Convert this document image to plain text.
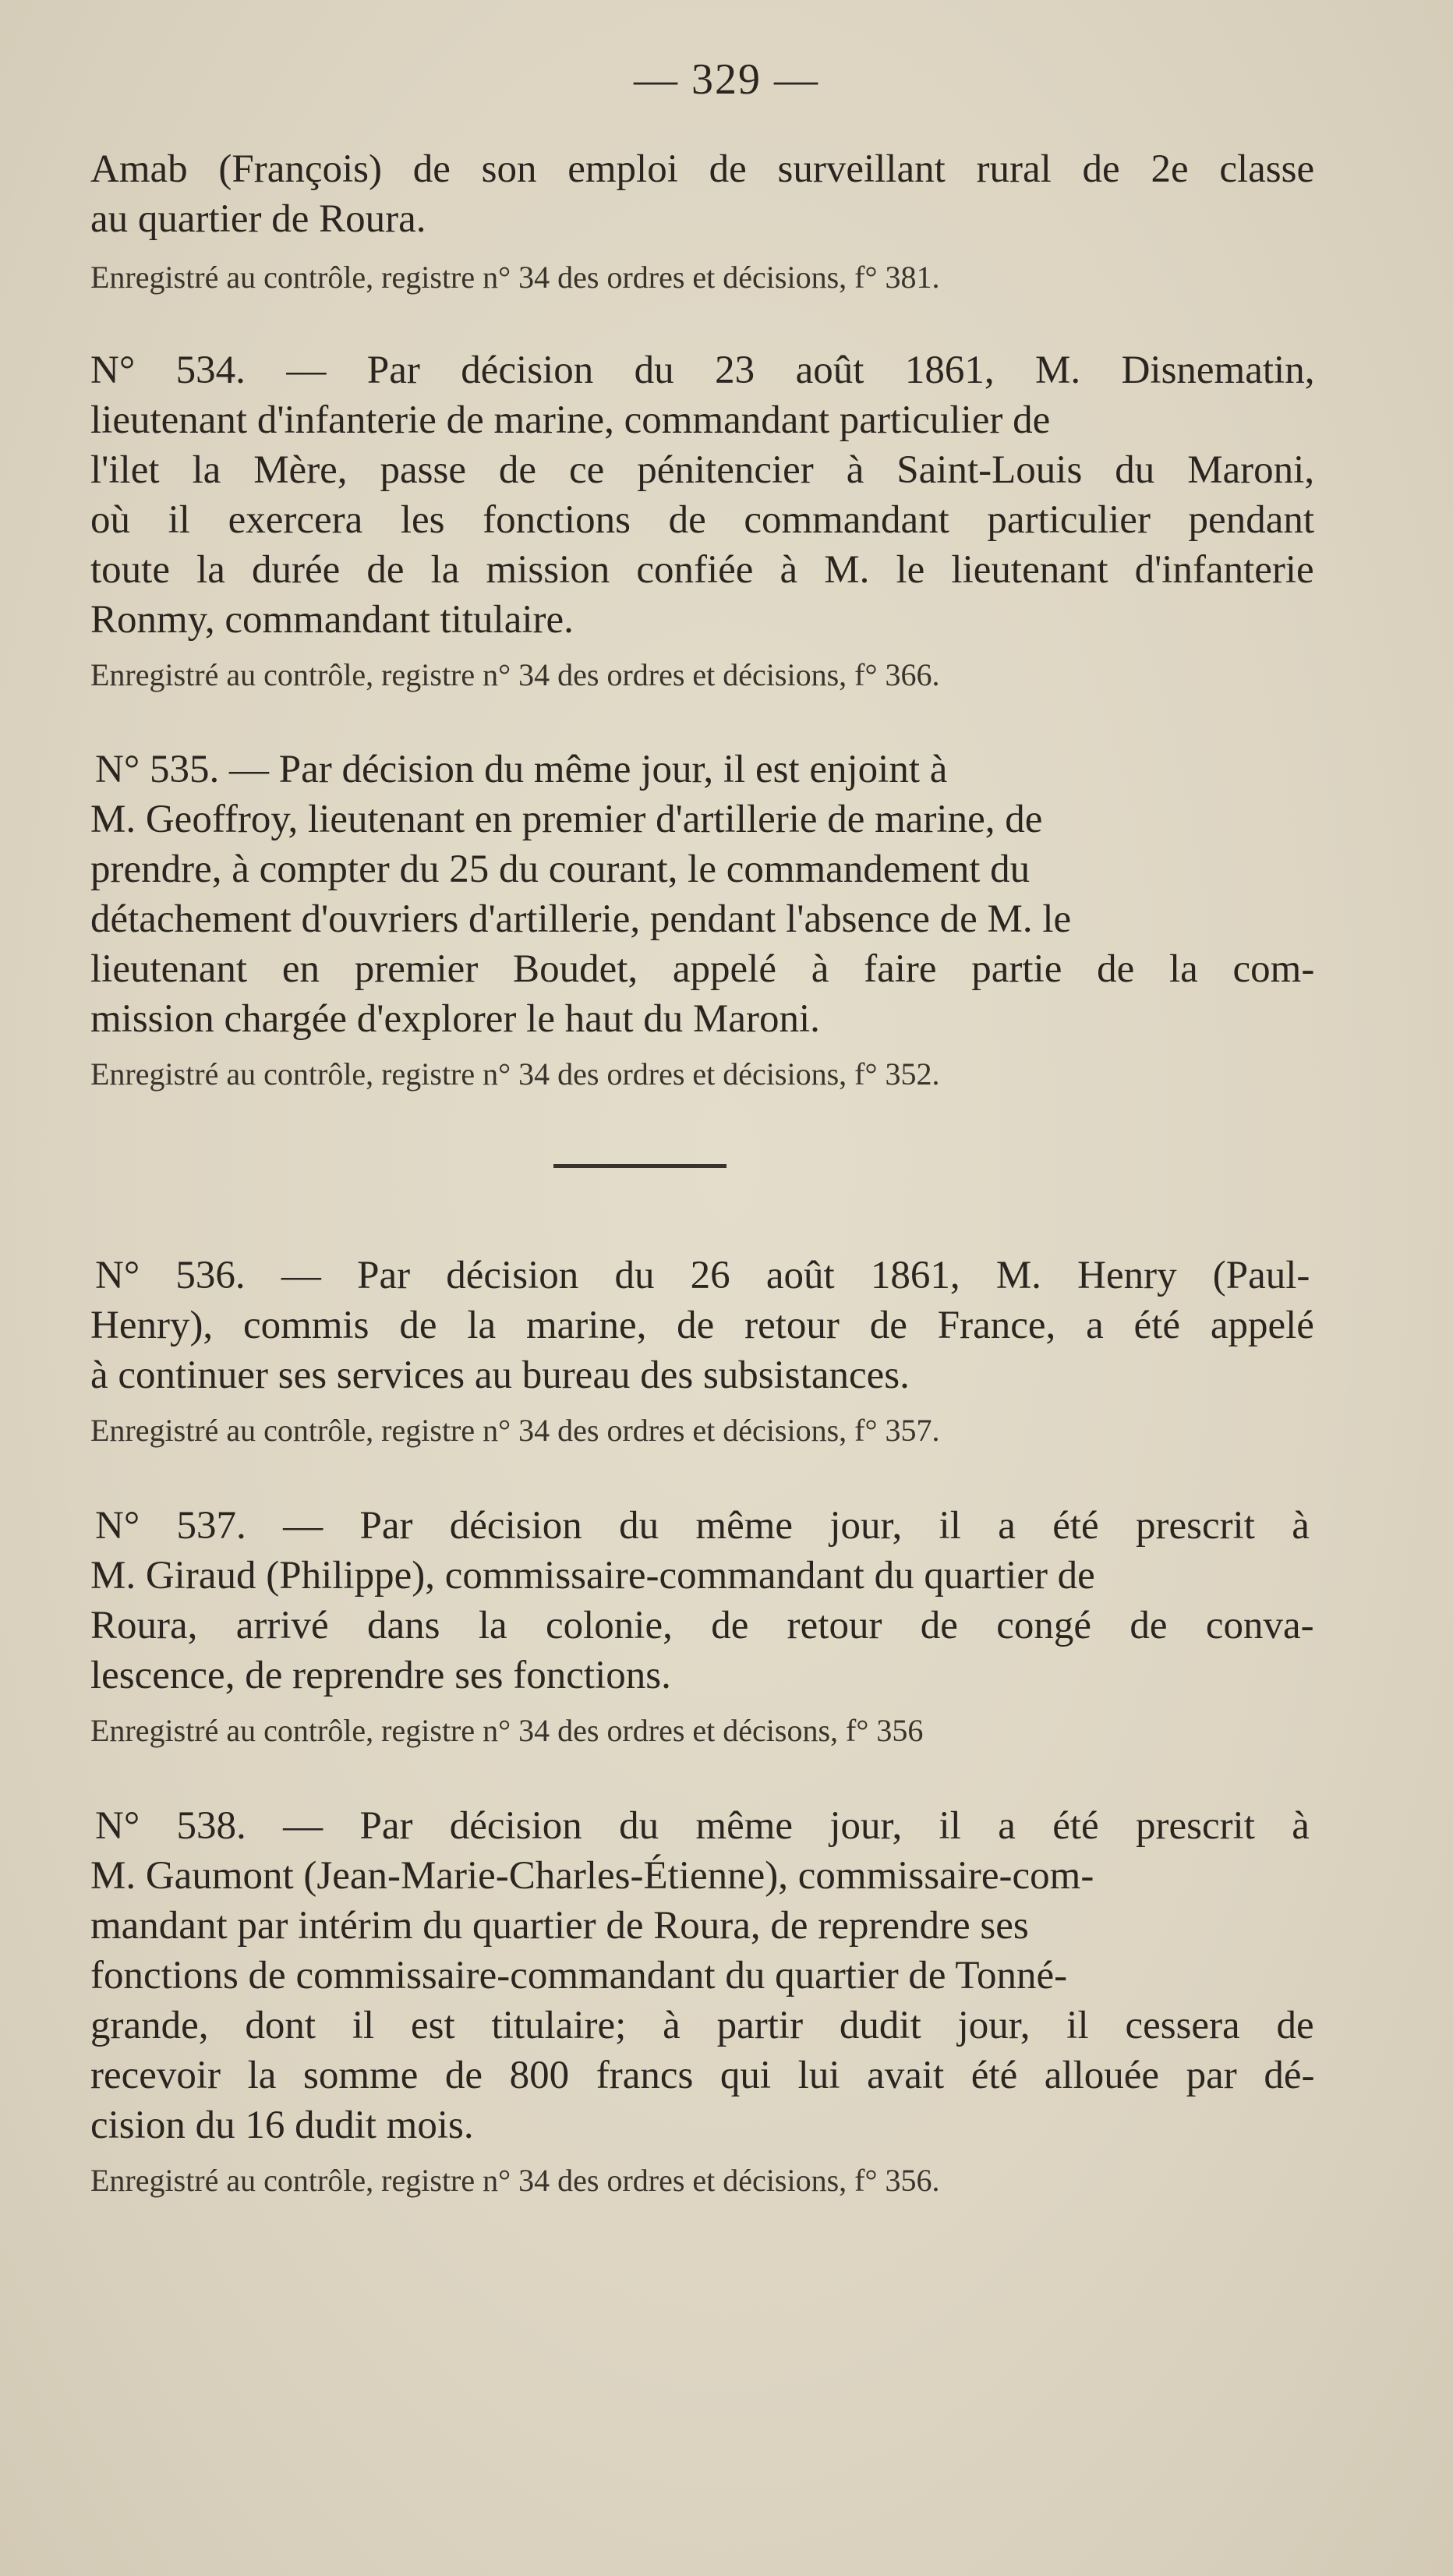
— 329 —

Amab (François) de son emploi de surveillant rural de 2e classe
au quartier de Roura.

Enregistré au contrôle, registre n° 34 des ordres et décisions, f° 381.

N° 534. — Par décision du 23 août 1861, M. Disnematin,
lieutenant d'infanterie de marine, commandant particulier de
l'ilet la Mère, passe de ce pénitencier à Saint-Louis du Maroni,
où il exercera les fonctions de commandant particulier pendant
toute la durée de la mission confiée à M. le lieutenant d'infanterie
Ronmy, commandant titulaire.

Enregistré au contrôle, registre n° 34 des ordres et décisions, f° 366.

N° 535. — Par décision du même jour, il est enjoint à
M. Geoffroy, lieutenant en premier d'artillerie de marine, de
prendre, à compter du 25 du courant, le commandement du
détachement d'ouvriers d'artillerie, pendant l'absence de M. le
lieutenant en premier Boudet, appelé à faire partie de la com-
mission chargée d'explorer le haut du Maroni.

Enregistré au contrôle, registre n° 34 des ordres et décisions, f° 352.

N° 536. — Par décision du 26 août 1861, M. Henry (Paul-
Henry), commis de la marine, de retour de France, a été appelé
à continuer ses services au bureau des subsistances.

Enregistré au contrôle, registre n° 34 des ordres et décisions, f° 357.

N° 537. — Par décision du même jour, il a été prescrit à
M. Giraud (Philippe), commissaire-commandant du quartier de
Roura, arrivé dans la colonie, de retour de congé de conva-
lescence, de reprendre ses fonctions.

Enregistré au contrôle, registre n° 34 des ordres et décisons, f° 356

N° 538. — Par décision du même jour, il a été prescrit à
M. Gaumont (Jean-Marie-Charles-Étienne), commissaire-com-
mandant par intérim du quartier de Roura, de reprendre ses
fonctions de commissaire-commandant du quartier de Tonné-
grande, dont il est titulaire; à partir dudit jour, il cessera de
recevoir la somme de 800 francs qui lui avait été allouée par dé-
cision du 16 dudit mois.

Enregistré au contrôle, registre n° 34 des ordres et décisions, f° 356.
